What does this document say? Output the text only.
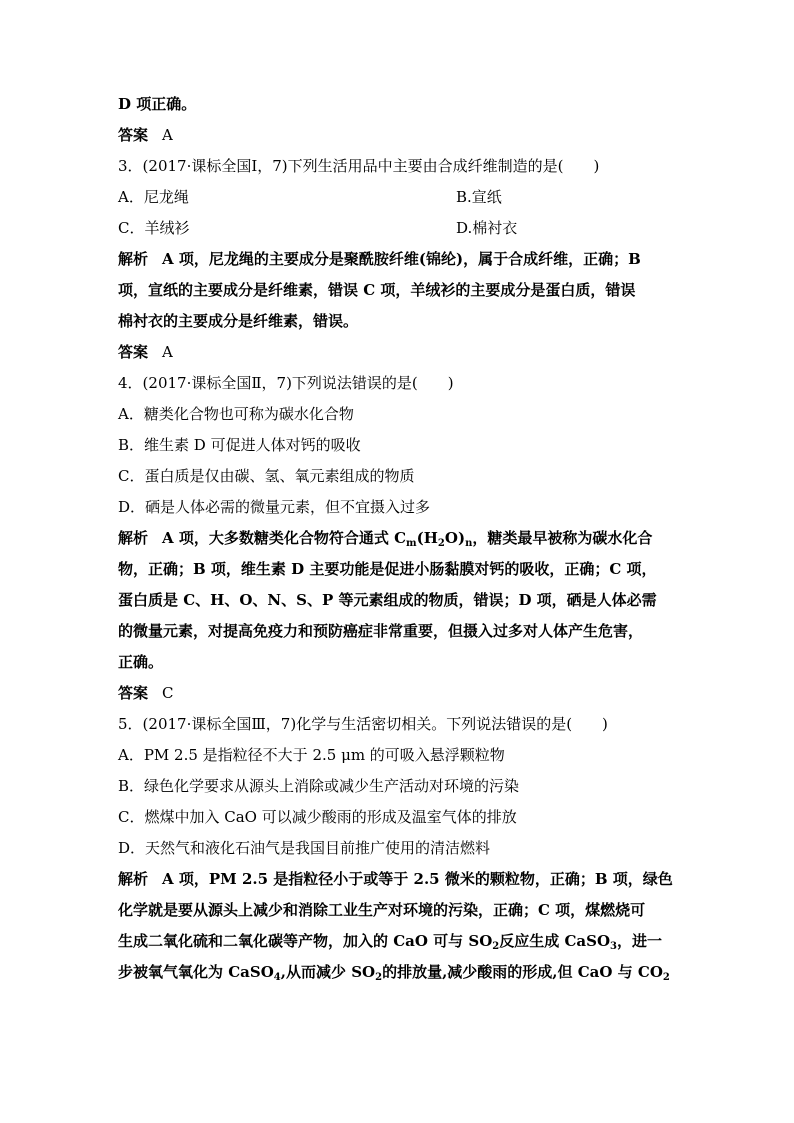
D 项正确。
答案 A
3．(2017·课标全国Ⅰ，7)下列生活用品中主要由合成纤维制造的是(　　)
A．尼龙绳	B.宣纸
C．羊绒衫	D.棉衬衣
解析 A 项，尼龙绳的主要成分是聚酰胺纤维(锦纶)，属于合成纤维，正确；B
项，宣纸的主要成分是纤维素，错误 C 项，羊绒衫的主要成分是蛋白质，错误
棉衬衣的主要成分是纤维素，错误。
答案 A
4．(2017·课标全国Ⅱ，7)下列说法错误的是(　　)
A．糖类化合物也可称为碳水化合物
B．维生素 D 可促进人体对钙的吸收
C．蛋白质是仅由碳、氢、氧元素组成的物质
D．硒是人体必需的微量元素，但不宜摄入过多
解析 A 项，大多数糖类化合物符合通式 $C_m(H_2O)_n$，糖类最早被称为碳水化合
物，正确；B 项，维生素 D 主要功能是促进小肠黏膜对钙的吸收，正确；C 项，
蛋白质是 C、H、O、N、S、P 等元素组成的物质，错误；D 项，硒是人体必需
的微量元素，对提高免疫力和预防癌症非常重要，但摄入过多对人体产生危害，
正确。
答案 C
5．(2017·课标全国Ⅲ，7)化学与生活密切相关。下列说法错误的是(　　)
A．PM 2.5 是指粒径不大于 2.5 μm 的可吸入悬浮颗粒物
B．绿色化学要求从源头上消除或减少生产活动对环境的污染
C．燃煤中加入 CaO 可以减少酸雨的形成及温室气体的排放
D．天然气和液化石油气是我国目前推广使用的清洁燃料
解析 A 项，PM 2.5 是指粒径小于或等于 2.5 微米的颗粒物，正确；B 项，绿色
化学就是要从源头上减少和消除工业生产对环境的污染，正确；C 项，煤燃烧可
生成二氧化硫和二氧化碳等产物，加入的 CaO 可与 $SO_2$反应生成 CaSO$_3$，进一
步被氧气氧化为 CaSO$_4$,从而减少 $SO_2$的排放量,减少酸雨的形成,但 CaO 与 $CO_2$
